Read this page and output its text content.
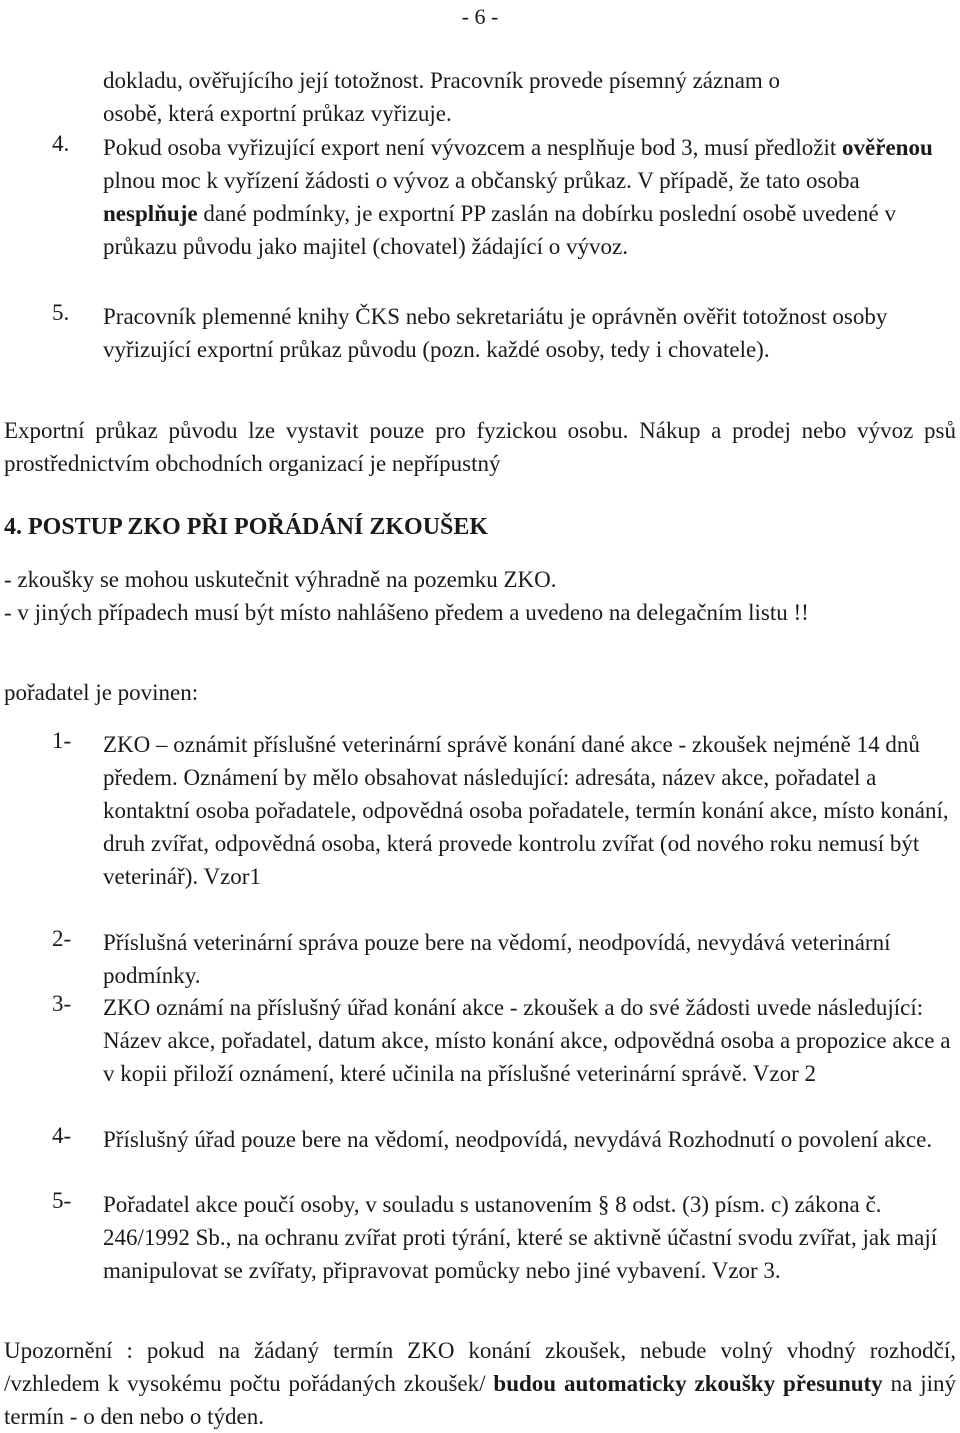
- 6 -
dokladu, ověřujícího její totožnost. Pracovník provede písemný záznam o
osobě, která exportní průkaz vyřizuje.
4. Pokud osoba vyřizující export není vývozcem a nesplňuje bod 3, musí předložit ověřenou plnou moc k vyřízení žádosti o vývoz a občanský průkaz. V případě, že tato osoba nesplňuje dané podmínky, je exportní PP zaslán na dobírku poslední osobě uvedené v průkazu původu jako majitel (chovatel) žádající o vývoz.
5. Pracovník plemenné knihy ČKS nebo sekretariátu je oprávněn ověřit totožnost osoby vyřizující exportní průkaz původu (pozn. každé osoby, tedy i chovatele).
Exportní průkaz původu lze vystavit pouze pro fyzickou osobu. Nákup a prodej nebo vývoz psů prostřednictvím obchodních organizací je nepřípustný
4. POSTUP ZKO PŘI POŘÁDÁNÍ ZKOUŠEK
- zkoušky se mohou uskutečnit výhradně na pozemku ZKO.
- v jiných případech musí být místo nahlášeno předem a uvedeno na delegačním listu !!
pořadatel je povinen:
1- ZKO – oznámit příslušné veterinární správě konání dané akce - zkoušek nejméně 14 dnů předem. Oznámení by mělo obsahovat následující: adresáta, název akce, pořadatel a kontaktní osoba pořadatele, odpovědná osoba pořadatele, termín konání akce, místo konání, druh zvířat, odpovědná osoba, která provede kontrolu zvířat (od nového roku nemusí být veterinář). Vzor1
2- Příslušná veterinární správa pouze bere na vědomí, neodpovídá, nevydává veterinární podmínky.
3- ZKO oznámí na příslušný úřad konání akce - zkoušek a do své žádosti uvede následující: Název akce, pořadatel, datum akce, místo konání akce, odpovědná osoba a propozice akce a v kopii přiloží oznámení, které učinila na příslušné veterinární správě. Vzor 2
4- Příslušný úřad pouze bere na vědomí, neodpovídá, nevydává Rozhodnutí o povolení akce.
5- Pořadatel akce poučí osoby, v souladu s ustanovením § 8 odst. (3) písm. c) zákona č. 246/1992 Sb., na ochranu zvířat proti týrání, které se aktivně účastní svodu zvířat, jak mají manipulovat se zvířaty, připravovat pomůcky nebo jiné vybavení. Vzor 3.
Upozornění : pokud na žádaný termín ZKO konání zkoušek, nebude volný vhodný rozhodčí, /vzhledem k vysokému počtu pořádaných zkoušek/ budou automaticky zkoušky přesunuty na jiný termín - o den nebo o týden.
